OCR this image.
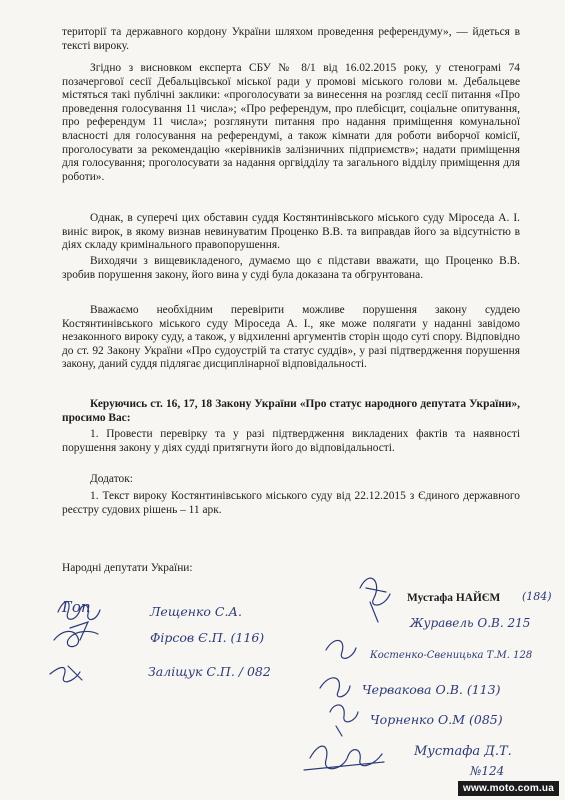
території та державного кордону України шляхом проведення референдуму», — йдеться в тексті вироку.

Згідно з висновком експерта СБУ № 8/1 від 16.02.2015 року, у стенограмі 74 позачергової сесії Дебальцівської міської ради у промові міського голови м. Дебальцеве містяться такі публічні заклики: «проголосувати за винесення на розгляд сесії питання «Про проведення голосування 11 числа»; «Про референдум, про плебісцит, соціальне опитування, про референдум 11 числа»; розглянути питання про надання приміщення комунальної власності для голосування на референдумі, а також кімнати для роботи виборчої комісії, проголосувати за рекомендацію «керівників залізничних підприємств»; надати приміщення для голосування; проголосувати за надання оргвідділу та загального відділу приміщення для роботи».

Однак, в суперечі цих обставин суддя Костянтинівського міського суду Міроседа А. І. виніс вирок, в якому визнав невинуватим Проценко В.В. та виправдав його за відсутністю в діях складу кримінального правопорушення.

Виходячи з вищевикладеного, думаємо що є підстави вважати, що Проценко В.В. зробив порушення закону, його вина у суді була доказана та обгрунтована.

Вважаємо необхідним перевірити можливе порушення закону суддею Костянтинівського міського суду Міроседа А. І., яке може полягати у наданні завідомо незаконного вироку суду, а також, у відхиленні аргументів сторін щодо суті спору. Відповідно до ст. 92 Закону України «Про судоустрій та статус суддів», у разі підтвердження порушення закону, даний суддя підлягає дисциплінарної відповідальності.

Керуючись ст. 16, 17, 18 Закону України «Про статус народного депутата України», просимо Вас:

1. Провести перевірку та у разі підтвердження викладених фактів та наявності порушення закону у діях судді притягнути його до відповідальності.

Додаток:

1. Текст вироку Костянтинівського міського суду від 22.12.2015 з Єдиного державного реєстру судових рішень – 11 арк.

Народні депутати України:

Мустафа НАЙЄМ
Гоп
(184)
Журавель О.В. 215
Лещенко С.А.
Фірсов Є.П. (116)
Заліщук С.П. / 082
Костенко-Свеницька Т.М. 128
Червакова О.В. (113)
Чорненко О.М (085)
Мустафа Д.Т.
№124
www.moto.com.ua
